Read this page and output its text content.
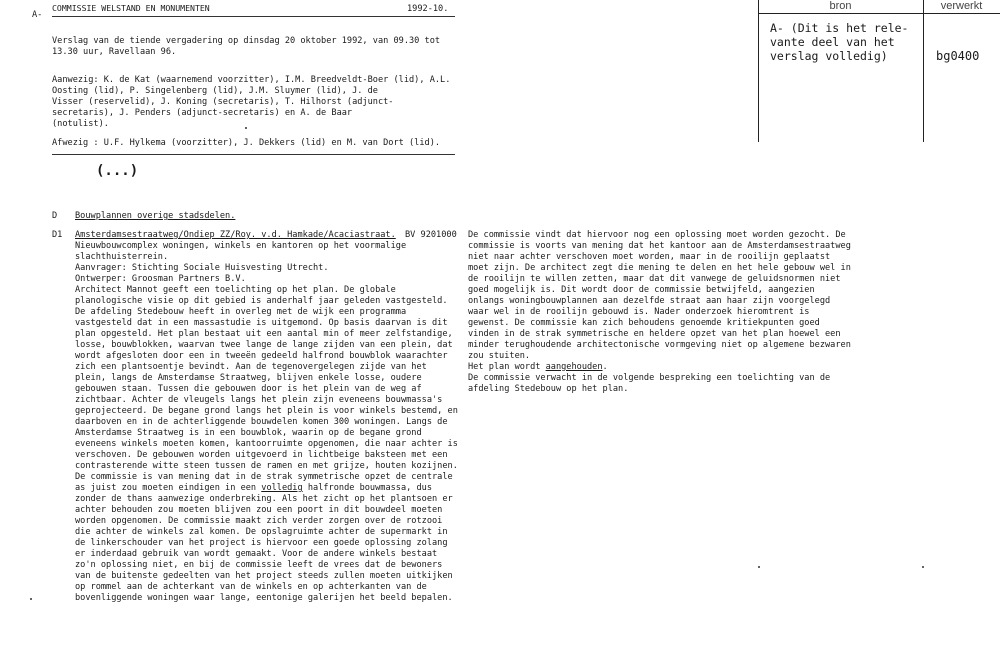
A-
COMMISSIE WELSTAND EN MONUMENTEN	1992-10.
Verslag van de tiende vergadering op dinsdag 20 oktober 1992, van 09.30 tot
13.30 uur, Ravellaan 96.

Aanwezig: K. de Kat (waarnemend voorzitter), I.M. Breedveldt-Boer (lid), A.L.

Oosting (lid), P. Singelenberg (lid), J.M. Sluymer (lid), J. de

Visser (reservelid), J. Koning (secretaris), T. Hilhorst (adjunct-

secretaris), J. Penders (adjunct-secretaris) en A. de Baar

(notulist).

Afwezig : U.F. Hylkema (voorzitter), J. Dekkers (lid) en M. van Dort (lid).
(...)
D Bouwplannen overige stadsdelen.
D1 Amsterdamsestraatweg/Ondiep ZZ/Roy. v.d. Hamkade/Acaciastraat. BV 9201000
Nieuwbouwcomplex woningen, winkels en kantoren op het voormalige
slachthuisterrein.
Aanvrager: Stichting Sociale Huisvesting Utrecht.
Ontwerper: Groosman Partners B.V.
Architect Mannot geeft een toelichting op het plan. De globale
planologische visie op dit gebied is anderhalf jaar geleden vastgesteld.
De afdeling Stedebouw heeft in overleg met de wijk een programma
vastgesteld dat in een massastudie is uitgemond. Op basis daarvan is dit
plan opgesteld. Het plan bestaat uit een aantal min of meer zelfstandige,
losse, bouwblokken, waarvan twee lange de lange zijden van een plein, dat
wordt afgesloten door een in tweeën gedeeld halfrond bouwblok waarachter
zich een plantsoentje bevindt. Aan de tegenovergelegen zijde van het
plein, langs de Amsterdamse Straatweg, blijven enkele losse, oudere
gebouwen staan. Tussen die gebouwen door is het plein van de weg af
zichtbaar. Achter de vleugels langs het plein zijn eveneens bouwmassa's
geprojecteerd. De begane grond langs het plein is voor winkels bestemd, en
daarboven en in de achterliggende bouwdelen komen 300 woningen. Langs de
Amsterdamse Straatweg is in een bouwblok, waarin op de begane grond
eveneens winkels moeten komen, kantoorruimte opgenomen, die naar achter is
verschoven. De gebouwen worden uitgevoerd in lichtbeige baksteen met een
contrasterende witte steen tussen de ramen en met grijze, houten kozijnen.
De commissie is van mening dat in de strak symmetrische opzet de centrale
as juist zou moeten eindigen in een volledig halfronde bouwmassa, dus
zonder de thans aanwezige onderbreking. Als het zicht op het plantsoen er
achter behouden zou moeten blijven zou een poort in dit bouwdeel moeten
worden opgenomen. De commissie maakt zich verder zorgen over de rotzooi
die achter de winkels zal komen. De opslagruimte achter de supermarkt in
de linkerschouder van het project is hiervoor een goede oplossing zolang
er inderdaad gebruik van wordt gemaakt. Voor de andere winkels bestaat
zo'n oplossing niet, en bij de commissie leeft de vrees dat de bewoners
van de buitenste gedeelten van het project steeds zullen moeten uitkijken
op rommel aan de achterkant van de winkels en op achterkanten van de
bovenliggende woningen waar lange, eentonige galerijen het beeld bepalen.
De commissie vindt dat hiervoor nog een oplossing moet worden gezocht. De
commissie is voorts van mening dat het kantoor aan de Amsterdamsestraatweg
niet naar achter verschoven moet worden, maar in de rooilijn geplaatst
moet zijn. De architect zegt die mening te delen en het hele gebouw wel in
de rooilijn te willen zetten, maar dat dit vanwege de geluidsnormen niet
goed mogelijk is. Dit wordt door de commissie betwijfeld, aangezien
onlangs woningbouwplannen aan dezelfde straat aan haar zijn voorgelegd
waar wel in de rooilijn gebouwd is. Nader onderzoek hieromtrent is
gewenst. De commissie kan zich behoudens genoemde kritiekpunten goed
vinden in de strak symmetrische en heldere opzet van het plan hoewel een
minder terughoudende architectonische vormgeving niet op algemene bezwaren
zou stuiten.
Het plan wordt aangehouden.
De commissie verwacht in de volgende bespreking een toelichting van de
afdeling Stedebouw op het plan.
bron	verwerkt
A- (Dit is het rele-
vante deel van het
verslag volledig)	bg0400
